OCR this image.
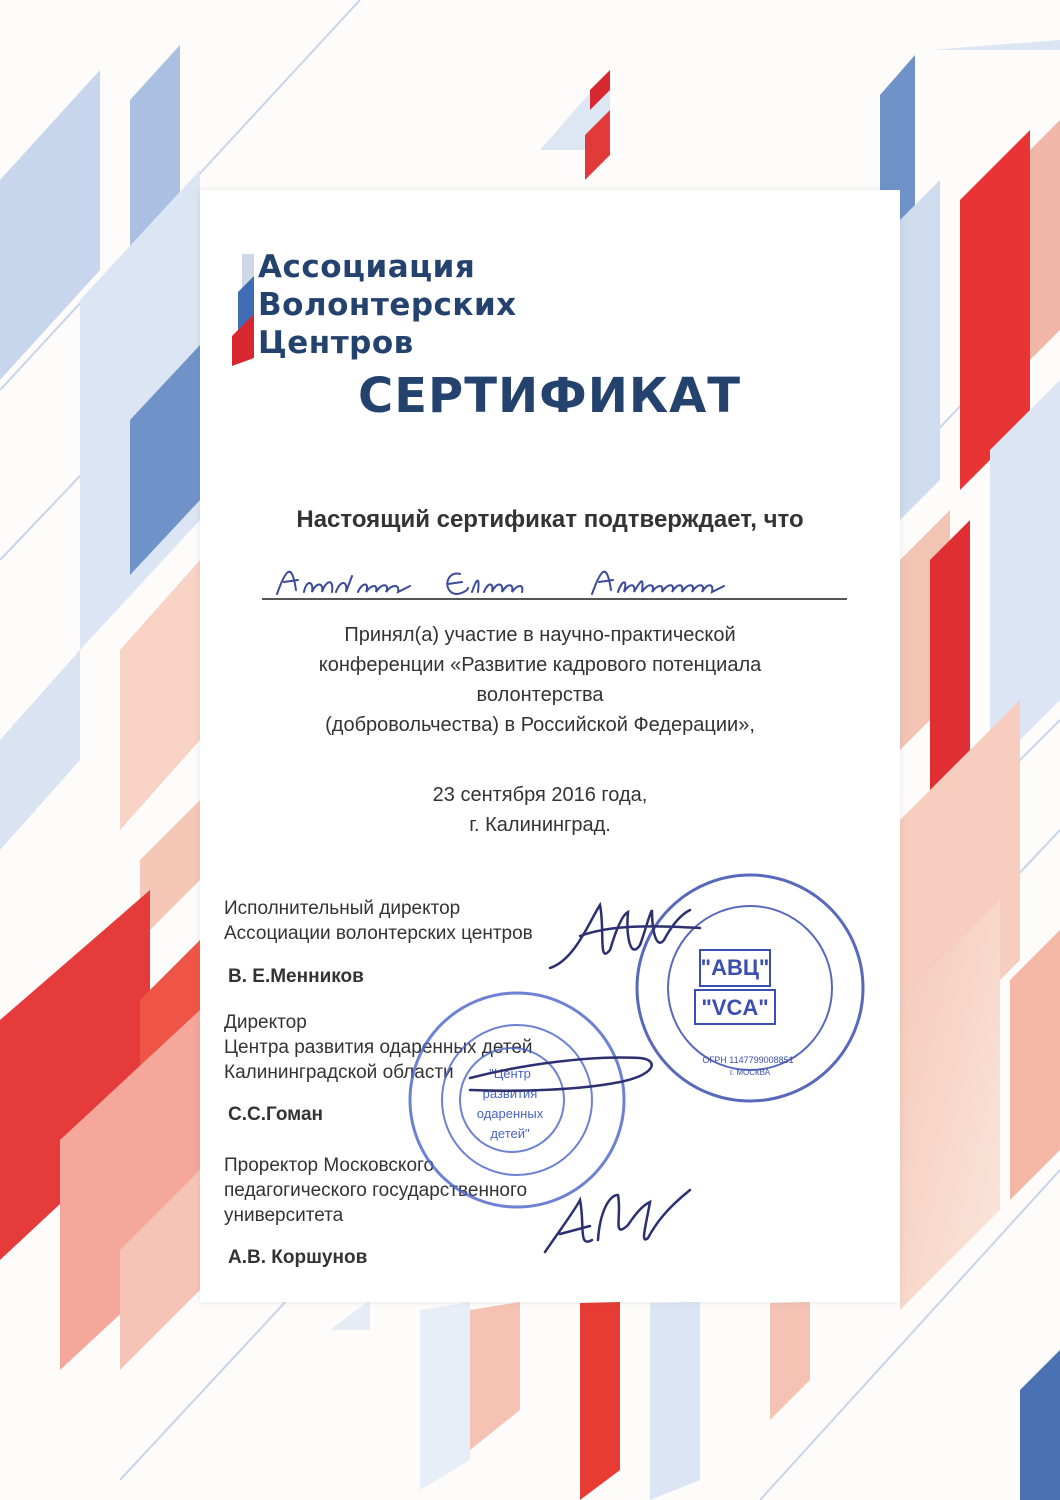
Ассоциация
Волонтерских
Центров
СЕРТИФИКАТ
Настоящий сертификат подтверждает, что
Принял(а) участие в научно-практической
конференции «Развитие кадрового потенциала
волонтерства
(добровольчества) в Российской Федерации»,
23 сентября 2016 года,
г. Калининград.
Исполнительный директор
Ассоциации волонтерских центров
В. Е.Менников
Директор
Центра развития одаренных детей
Калининградской области
С.С.Гоман
Проректор Московского
педагогического государственного
университета
А.В. Коршунов
"АВЦ"
"VCA"
ОГРН 1147799008851
г. МОСКВА
"Центр
развития
одаренных
детей"
